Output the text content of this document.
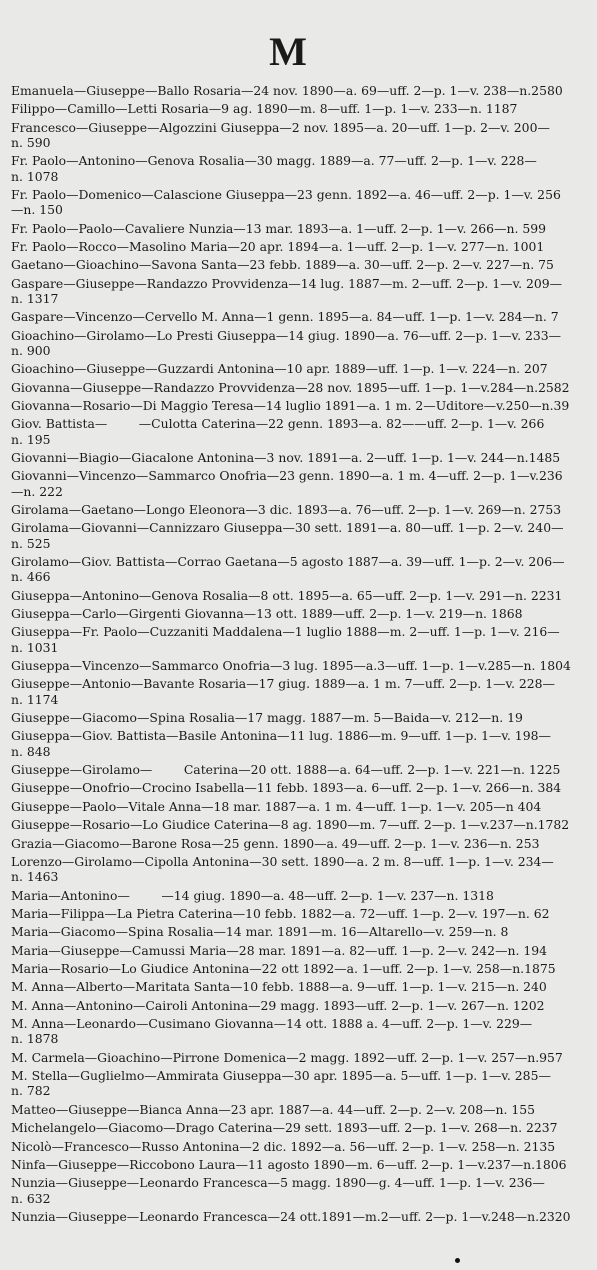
M
Emanuela—Giuseppe—Ballo Rosaria—24 nov. 1890—a. 69—uff. 2—p. 1—v. 238—n.2580
Filippo—Camillo—Letti Rosaria—9 ag. 1890—m. 8—uff. 1—p. 1—v. 233—n. 1187
Francesco—Giuseppe—Algozzini Giuseppa—2 nov. 1895—a. 20—uff. 1—p. 2—v. 200—
n. 590
Fr. Paolo—Antonino—Genova Rosalia—30 magg. 1889—a. 77—uff. 2—p. 1—v. 228—
n. 1078
Fr. Paolo—Domenico—Calascione Giuseppa—23 genn. 1892—a. 46—uff. 2—p. 1—v. 256
—n. 150
Fr. Paolo—Paolo—Cavaliere Nunzia—13 mar. 1893—a. 1—uff. 2—p. 1—v. 266—n. 599
Fr. Paolo—Rocco—Masolino Maria—20 apr. 1894—a. 1—uff. 2—p. 1—v. 277—n. 1001
Gaetano—Gioachino—Savona Santa—23 febb. 1889—a. 30—uff. 2—p. 2—v. 227—n. 75
Gaspare—Giuseppe—Randazzo Provvidenza—14 lug. 1887—m. 2—uff. 2—p. 1—v. 209—
n. 1317
Gaspare—Vincenzo—Cervello M. Anna—1 genn. 1895—a. 84—uff. 1—p. 1—v. 284—n. 7
Gioachino—Girolamo—Lo Presti Giuseppa—14 giug. 1890—a. 76—uff. 2—p. 1—v. 233—
n. 900
Gioachino—Giuseppe—Guzzardi Antonina—10 apr. 1889—uff. 1—p. 1—v. 224—n. 207
Giovanna—Giuseppe—Randazzo Provvidenza—28 nov. 1895—uff. 1—p. 1—v.284—n.2582
Giovanna—Rosario—Di Maggio Teresa—14 luglio 1891—a. 1 m. 2—Uditore—v.250—n.39
Giov. Battista—        —Culotta Caterina—22 genn. 1893—a. 82——uff. 2—p. 1—v. 266
n. 195
Giovanni—Biagio—Giacalone Antonina—3 nov. 1891—a. 2—uff. 1—p. 1—v. 244—n.1485
Giovanni—Vincenzo—Sammarco Onofria—23 genn. 1890—a. 1 m. 4—uff. 2—p. 1—v.236
—n. 222
Girolama—Gaetano—Longo Eleonora—3 dic. 1893—a. 76—uff. 2—p. 1—v. 269—n. 2753
Girolama—Giovanni—Cannizzaro Giuseppa—30 sett. 1891—a. 80—uff. 1—p. 2—v. 240—
n. 525
Girolamo—Giov. Battista—Corrao Gaetana—5 agosto 1887—a. 39—uff. 1—p. 2—v. 206—
n. 466
Giuseppa—Antonino—Genova Rosalia—8 ott. 1895—a. 65—uff. 2—p. 1—v. 291—n. 2231
Giuseppa—Carlo—Girgenti Giovanna—13 ott. 1889—uff. 2—p. 1—v. 219—n. 1868
Giuseppa—Fr. Paolo—Cuzzaniti Maddalena—1 luglio 1888—m. 2—uff. 1—p. 1—v. 216—
n. 1031
Giuseppa—Vincenzo—Sammarco Onofria—3 lug. 1895—a.3—uff. 1—p. 1—v.285—n. 1804
Giuseppe—Antonio—Bavante Rosaria—17 giug. 1889—a. 1 m. 7—uff. 2—p. 1—v. 228—
n. 1174
Giuseppe—Giacomo—Spina Rosalia—17 magg. 1887—m. 5—Baida—v. 212—n. 19
Giuseppa—Giov. Battista—Basile Antonina—11 lug. 1886—m. 9—uff. 1—p. 1—v. 198—
n. 848
Giuseppe—Girolamo—        Caterina—20 ott. 1888—a. 64—uff. 2—p. 1—v. 221—n. 1225
Giuseppe—Onofrio—Crocino Isabella—11 febb. 1893—a. 6—uff. 2—p. 1—v. 266—n. 384
Giuseppe—Paolo—Vitale Anna—18 mar. 1887—a. 1 m. 4—uff. 1—p. 1—v. 205—n 404
Giuseppe—Rosario—Lo Giudice Caterina—8 ag. 1890—m. 7—uff. 2—p. 1—v.237—n.1782
Grazia—Giacomo—Barone Rosa—25 genn. 1890—a. 49—uff. 2—p. 1—v. 236—n. 253
Lorenzo—Girolamo—Cipolla Antonina—30 sett. 1890—a. 2 m. 8—uff. 1—p. 1—v. 234—
n. 1463
Maria—Antonino—        —14 giug. 1890—a. 48—uff. 2—p. 1—v. 237—n. 1318
Maria—Filippa—La Pietra Caterina—10 febb. 1882—a. 72—uff. 1—p. 2—v. 197—n. 62
Maria—Giacomo—Spina Rosalia—14 mar. 1891—m. 16—Altarello—v. 259—n. 8
Maria—Giuseppe—Camussi Maria—28 mar. 1891—a. 82—uff. 1—p. 2—v. 242—n. 194
Maria—Rosario—Lo Giudice Antonina—22 ott 1892—a. 1—uff. 2—p. 1—v. 258—n.1875
M. Anna—Alberto—Maritata Santa—10 febb. 1888—a. 9—uff. 1—p. 1—v. 215—n. 240
M. Anna—Antonino—Cairoli Antonina—29 magg. 1893—uff. 2—p. 1—v. 267—n. 1202
M. Anna—Leonardo—Cusimano Giovanna—14 ott. 1888 a. 4—uff. 2—p. 1—v. 229—
n. 1878
M. Carmela—Gioachino—Pirrone Domenica—2 magg. 1892—uff. 2—p. 1—v. 257—n.957
M. Stella—Guglielmo—Ammirata Giuseppa—30 apr. 1895—a. 5—uff. 1—p. 1—v. 285—
n. 782
Matteo—Giuseppe—Bianca Anna—23 apr. 1887—a. 44—uff. 2—p. 2—v. 208—n. 155
Michelangelo—Giacomo—Drago Caterina—29 sett. 1893—uff. 2—p. 1—v. 268—n. 2237
Nicolò—Francesco—Russo Antonina—2 dic. 1892—a. 56—uff. 2—p. 1—v. 258—n. 2135
Ninfa—Giuseppe—Riccobono Laura—11 agosto 1890—m. 6—uff. 2—p. 1—v.237—n.1806
Nunzia—Giuseppe—Leonardo Francesca—5 magg. 1890—g. 4—uff. 1—p. 1—v. 236—
n. 632
Nunzia—Giuseppe—Leonardo Francesca—24 ott.1891—m.2—uff. 2—p. 1—v.248—n.2320
